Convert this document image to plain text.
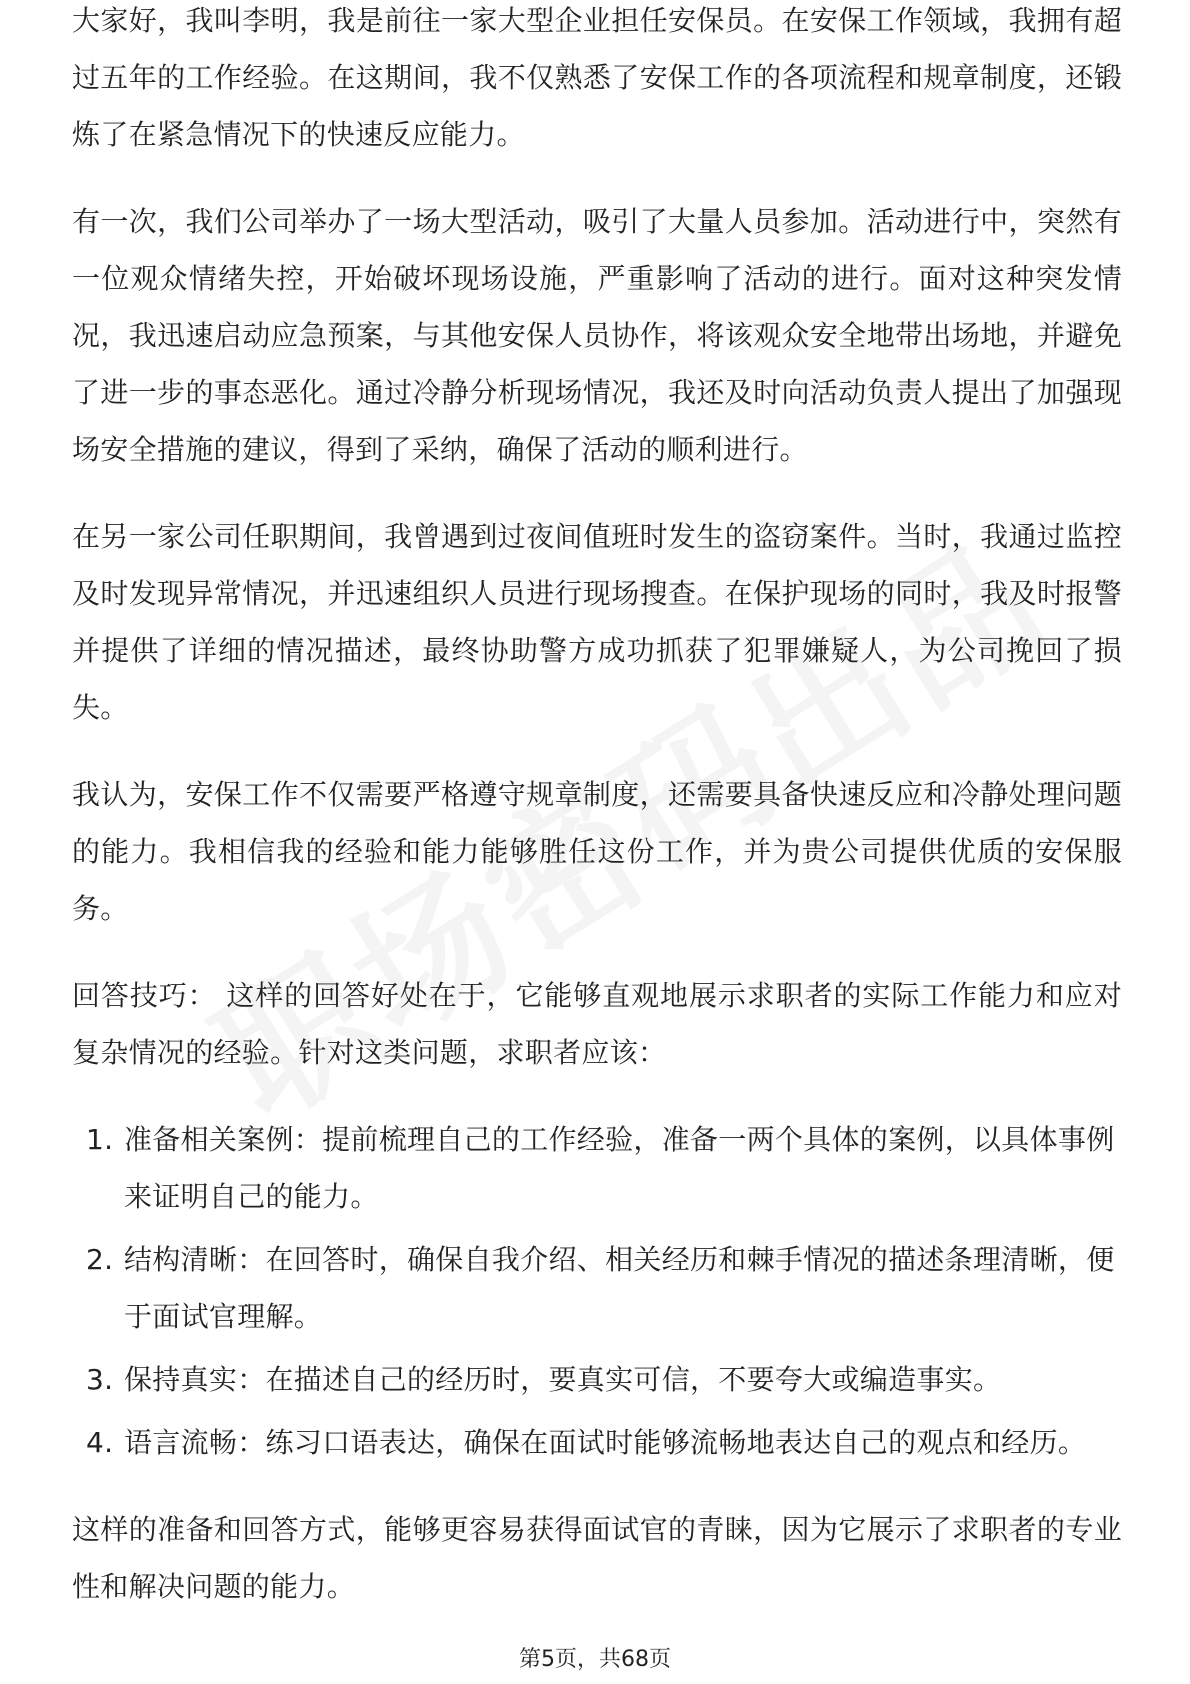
大家好，我叫李明，我是前往一家大型企业担任安保员。在安保工作领域，我拥有超过五年的工作经验。在这期间，我不仅熟悉了安保工作的各项流程和规章制度，还锻炼了在紧急情况下的快速反应能力。

有一次，我们公司举办了一场大型活动，吸引了大量人员参加。活动进行中，突然有一位观众情绪失控，开始破坏现场设施，严重影响了活动的进行。面对这种突发情况，我迅速启动应急预案，与其他安保人员协作，将该观众安全地带出场地，并避免了进一步的事态恶化。通过冷静分析现场情况，我还及时向活动负责人提出了加强现场安全措施的建议，得到了采纳，确保了活动的顺利进行。

在另一家公司任职期间，我曾遇到过夜间值班时发生的盗窃案件。当时，我通过监控及时发现异常情况，并迅速组织人员进行现场搜查。在保护现场的同时，我及时报警并提供了详细的情况描述，最终协助警方成功抓获了犯罪嫌疑人，为公司挽回了损失。

我认为，安保工作不仅需要严格遵守规章制度，还需要具备快速反应和冷静处理问题的能力。我相信我的经验和能力能够胜任这份工作，并为贵公司提供优质的安保服务。

回答技巧： 这样的回答好处在于，它能够直观地展示求职者的实际工作能力和应对复杂情况的经验。针对这类问题，求职者应该：

1. 准备相关案例：提前梳理自己的工作经验，准备一两个具体的案例，以具体事例来证明自己的能力。
2. 结构清晰：在回答时，确保自我介绍、相关经历和棘手情况的描述条理清晰，便于面试官理解。
3. 保持真实：在描述自己的经历时，要真实可信，不要夸大或编造事实。
4. 语言流畅：练习口语表达，确保在面试时能够流畅地表达自己的观点和经历。

这样的准备和回答方式，能够更容易获得面试官的青睐，因为它展示了求职者的专业性和解决问题的能力。

第5页，共68页
